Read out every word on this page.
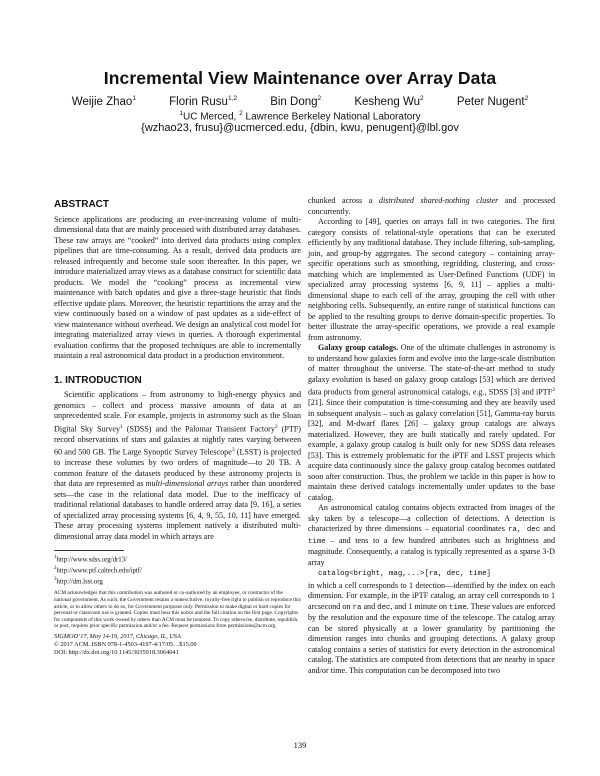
Incremental View Maintenance over Array Data
Weijie Zhao$^1$	Florin Rusu$^{1,2}$	Bin Dong$^2$	Kesheng Wu$^2$	Peter Nugent$^2$
$^1$UC Merced, $^2$ Lawrence Berkeley National Laboratory
{wzhao23, frusu}@ucmerced.edu, {dbin, kwu, penugent}@lbl.gov
ABSTRACT

Science applications are producing an ever-increasing volume of multi-dimensional data that are mainly processed with distributed array databases. These raw arrays are “cooked” into derived data products using complex pipelines that are time-consuming. As a result, derived data products are released infrequently and become stale soon thereafter. In this paper, we introduce materialized array views as a database construct for scientific data products. We model the “cooking” process as incremental view maintenance with batch updates and give a three-stage heuristic that finds effective update plans. Moreover, the heuristic repartitions the array and the view continuously based on a window of past updates as a side-effect of view maintenance without overhead. We design an analytical cost model for integrating materialized array views in queries. A thorough experimental evaluation confirms that the proposed techniques are able to incrementally maintain a real astronomical data product in a production environment.

1. INTRODUCTION

Scientific applications – from astronomy to high-energy physics and genomics – collect and process massive amounts of data at an unprecedented scale. For example, projects in astronomy such as the Sloan Digital Sky Survey$^1$ (SDSS) and the Palomar Transient Factory$^2$ (PTF) record observations of stars and galaxies at nightly rates varying between 60 and 500 GB. The Large Synoptic Survey Telescope$^3$ (LSST) is projected to increase these volumes by two orders of magnitude—to 20 TB. A common feature of the datasets produced by these astronomy projects is that data are represented as multi-dimensional arrays rather than unordered sets—the case in the relational data model. Due to the inefficacy of traditional relational databases to handle ordered array data [9, 16], a series of specialized array processing systems [6, 4, 9, 55, 10, 11] have emerged. These array processing systems implement natively a distributed multi-dimensional array data model in which arrays are

$^1$http://www.sdss.org/dr13/
$^2$http://www.ptf.caltech.edu/iptf/
$^3$http://dm.lsst.org
ACM acknowledges that this contribution was authored or co-authored by an employee, or contractor of the national government. As such, the Government retains a nonexclusive, royalty-free right to publish or reproduce this article, or to allow others to do so, for Government purposes only. Permission to make digital or hard copies for personal or classroom use is granted. Copies must bear this notice and the full citation on the first page. Copyrights for components of this work owned by others than ACM must be honored. To copy otherwise, distribute, republish, or post, requires prior specific permission and/or a fee. Request permissions from permissions@acm.org.
SIGMOD’17, May 14-19, 2017, Chicago, IL, USA
© 2017 ACM. ISBN 978-1-4503-4197-4/17/05…$15.00
DOI: http://dx.doi.org/10.1145/3035918.3064041

chunked across a distributed shared-nothing cluster and processed concurrently.

According to [49], queries on arrays fall in two categories. The first category consists of relational-style operations that can be executed efficiently by any traditional database. They include filtering, sub-sampling, join, and group-by aggregates. The second category – containing array-specific operations such as smoothing, regridding, clustering, and cross-matching which are implemented as User-Defined Functions (UDF) in specialized array processing systems [6, 9, 11] – applies a multi-dimensional shape to each cell of the array, grouping the cell with other neighboring cells. Subsequently, an entire range of statistical functions can be applied to the resulting groups to derive domain-specific properties. To better illustrate the array-specific operations, we provide a real example from astronomy.

Galaxy group catalogs. One of the ultimate challenges in astronomy is to understand how galaxies form and evolve into the large-scale distribution of matter throughout the universe. The state-of-the-art method to study galaxy evolution is based on galaxy group catalogs [53] which are derived data products from general astronomical catalogs, e.g., SDSS [3] and iPTF$^2$ [21]. Since their computation is time-consuming and they are heavily used in subsequent analysis – such as galaxy correlation [51], Gamma-ray bursts [32], and M-dwarf flares [26] – galaxy group catalogs are always materialized. However, they are built statically and rarely updated. For example, a galaxy group catalog is built only for new SDSS data releases [53]. This is extremely problematic for the iPTF and LSST projects which acquire data continuously since the galaxy group catalog becomes outdated soon after construction. Thus, the problem we tackle in this paper is how to maintain these derived catalogs incrementally under updates to the base catalog.

An astronomical catalog contains objects extracted from images of the sky taken by a telescope—a collection of detections. A detection is characterized by three dimensions – equatorial coordinates ra, dec and time – and tens to a few hundred attributes such as brightness and magnitude. Consequently, a catalog is typically represented as a sparse 3-D array

catalog<bright, mag,...>[ra, dec, time]

in which a cell corresponds to 1 detection—identified by the index on each dimension. For example, in the iPTF catalog, an array cell corresponds to 1 arcsecond on ra and dec, and 1 minute on time. These values are enforced by the resolution and the exposure time of the telescope. The catalog array can be stored physically at a lower granularity by partitioning the dimension ranges into chunks and grouping detections. A galaxy group catalog contains a series of statistics for every detection in the astronomical catalog. The statistics are computed from detections that are nearby in space and/or time. This computation can be decomposed into two

139
